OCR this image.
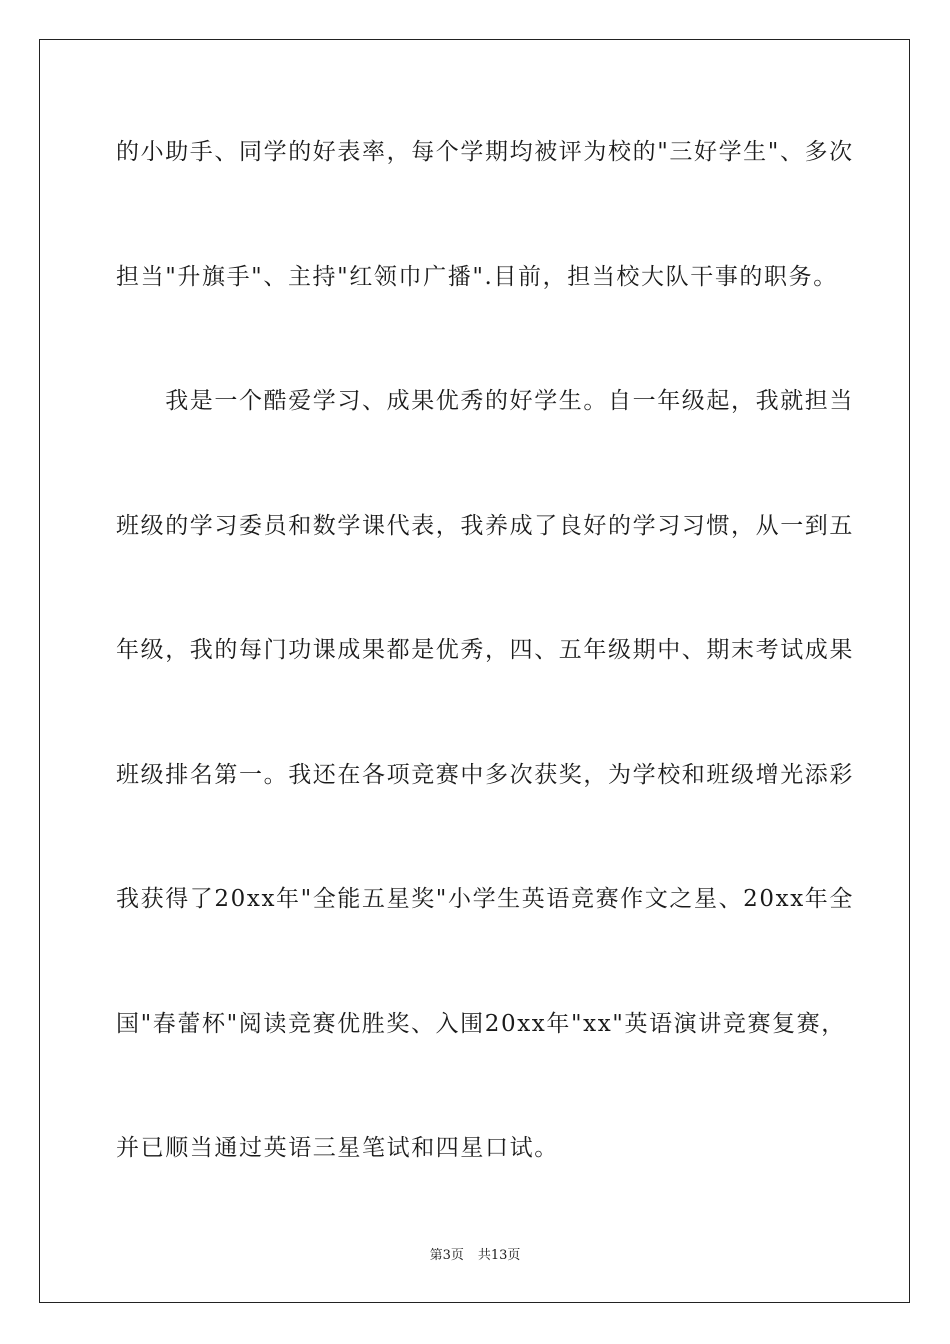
的小助手、同学的好表率，每个学期均被评为校的"三好学生"、多次
担当"升旗手"、主持"红领巾广播".目前，担当校大队干事的职务。
　　我是一个酷爱学习、成果优秀的好学生。自一年级起，我就担当
班级的学习委员和数学课代表，我养成了良好的学习习惯，从一到五
年级，我的每门功课成果都是优秀，四、五年级期中、期末考试成果
班级排名第一。我还在各项竞赛中多次获奖，为学校和班级增光添彩
我获得了20xx年"全能五星奖"小学生英语竞赛作文之星、20xx年全
国"春蕾杯"阅读竞赛优胜奖、入围20xx年"xx"英语演讲竞赛复赛，
并已顺当通过英语三星笔试和四星口试。
第3页 共13页
